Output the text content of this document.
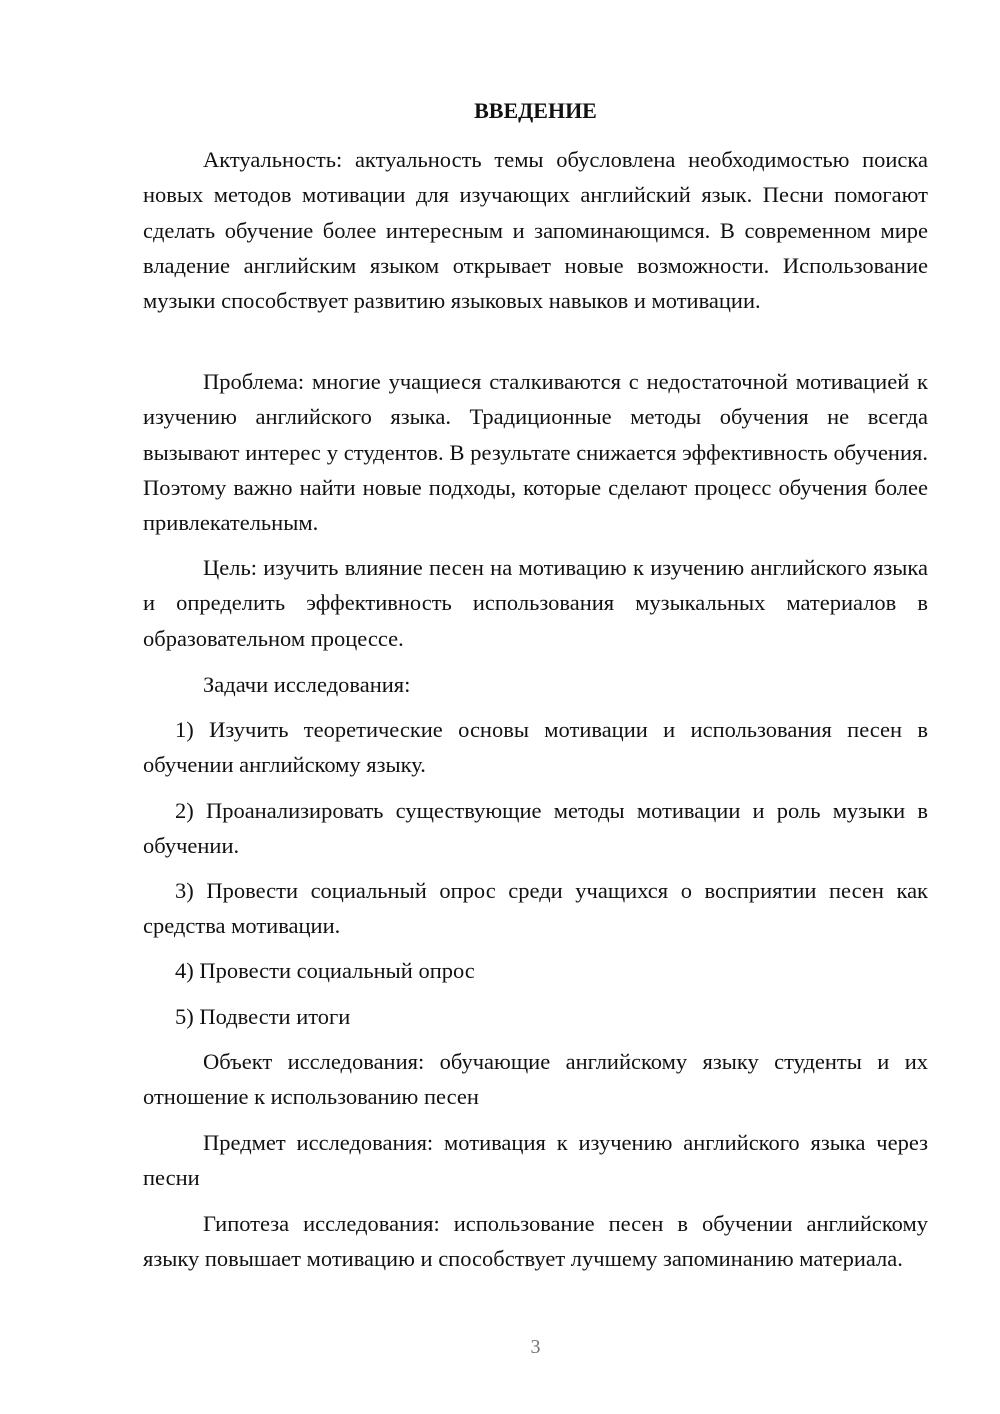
ВВЕДЕНИЕ

Актуальность: актуальность темы обусловлена необходимостью поиска новых методов мотивации для изучающих английский язык. Песни помогают сделать обучение более интересным и запоминающимся. В современном мире владение английским языком открывает новые возможности. Использование музыки способствует развитию языковых навыков и мотивации.

Проблема: многие учащиеся сталкиваются с недостаточной мотивацией к изучению английского языка. Традиционные методы обучения не всегда вызывают интерес у студентов. В результате снижается эффективность обучения. Поэтому важно найти новые подходы, которые сделают процесс обучения более привлекательным.

Цель: изучить влияние песен на мотивацию к изучению английского языка и определить эффективность использования музыкальных материалов в образовательном процессе.

Задачи исследования:

1) Изучить теоретические основы мотивации и использования песен в обучении английскому языку.

2) Проанализировать существующие методы мотивации и роль музыки в обучении.

3) Провести социальный опрос среди учащихся о восприятии песен как средства мотивации.

4) Провести социальный опрос

5) Подвести итоги

Объект исследования: обучающие английскому языку студенты и их отношение к использованию песен

Предмет исследования: мотивация к изучению английского языка через песни

Гипотеза исследования: использование песен в обучении английскому языку повышает мотивацию и способствует лучшему запоминанию материала.

3
